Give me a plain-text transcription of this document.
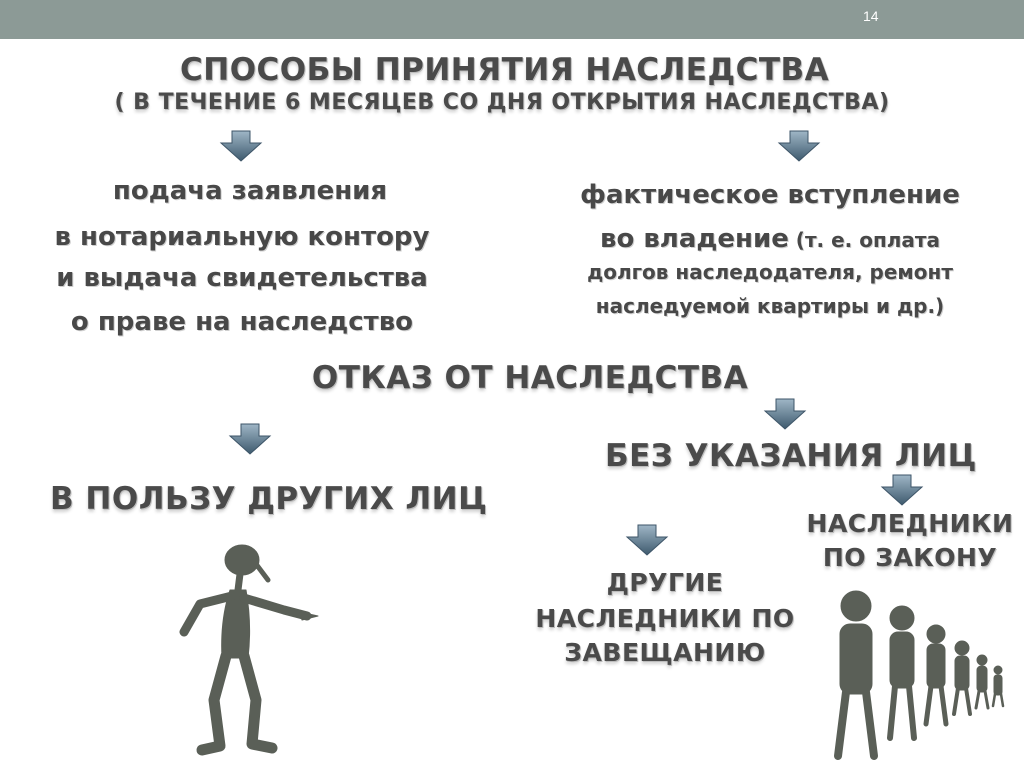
14
СПОСОБЫ ПРИНЯТИЯ НАСЛЕДСТВА
( В ТЕЧЕНИЕ 6 МЕСЯЦЕВ СО ДНЯ ОТКРЫТИЯ НАСЛЕДСТВА)
подача заявления
в нотариальную контору
и выдача свидетельства
о праве на наследство
фактическое вступление
во владение (т. е. оплата
долгов наследодателя, ремонт
наследуемой квартиры и др.)
ОТКАЗ ОТ НАСЛЕДСТВА
В ПОЛЬЗУ ДРУГИХ ЛИЦ
БЕЗ УКАЗАНИЯ ЛИЦ
НАСЛЕДНИКИ
ПО ЗАКОНУ
ДРУГИЕ
НАСЛЕДНИКИ ПО
ЗАВЕЩАНИЮ
